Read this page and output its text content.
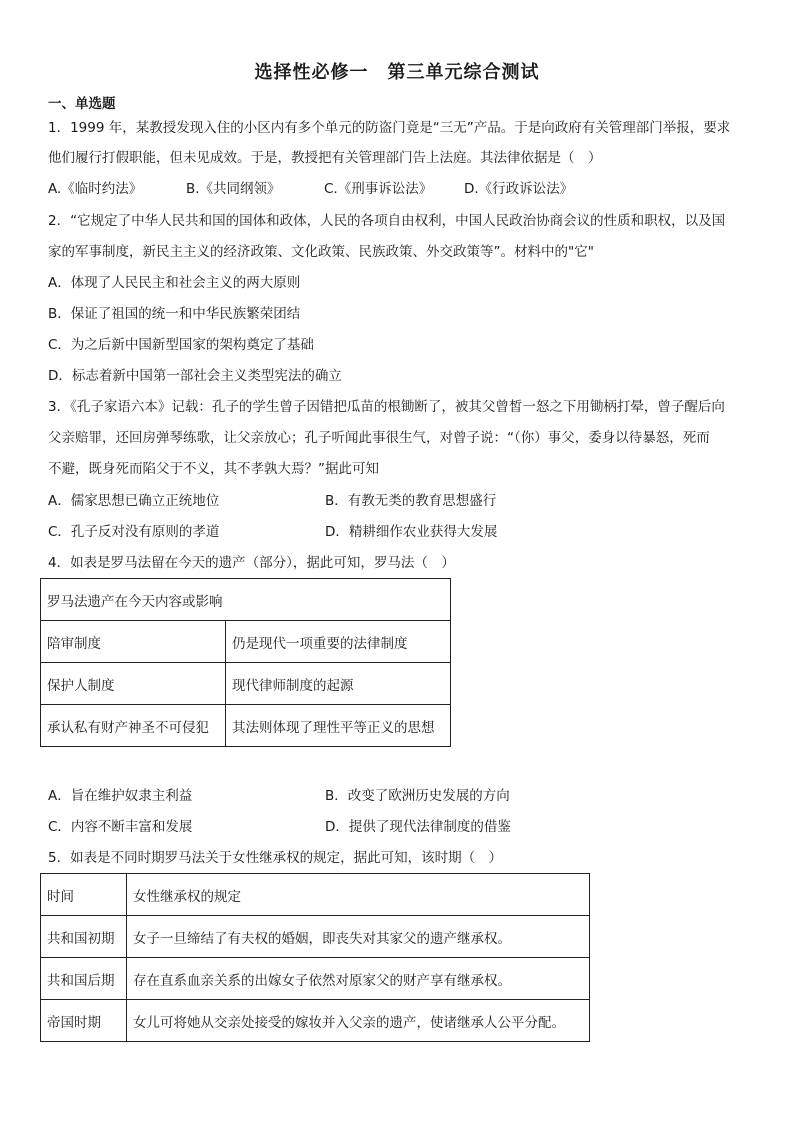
选择性必修一　第三单元综合测试
一、单选题
1．1999 年，某教授发现入住的小区内有多个单元的防盗门竟是“三无”产品。于是向政府有关管理部门举报，要求
他们履行打假职能，但未见成效。于是，教授把有关管理部门告上法庭。其法律依据是（　）
A.《临时约法》	B.《共同纲领》	C.《刑事诉讼法》 D.《行政诉讼法》
2．“它规定了中华人民共和国的国体和政体，人民的各项自由权利，中国人民政治协商会议的性质和职权，以及国
家的军事制度，新民主主义的经济政策、文化政策、民族政策、外交政策等”。材料中的"它"
A．体现了人民民主和社会主义的两大原则
B．保证了祖国的统一和中华民族繁荣团结
C．为之后新中国新型国家的架构奠定了基础
D．标志着新中国第一部社会主义类型宪法的确立
3．《孔子家语六本》记载：孔子的学生曾子因错把瓜苗的根锄断了，被其父曾皙一怒之下用锄柄打晕，曾子醒后向
父亲赔罪，还回房弹琴练歌，让父亲放心；孔子听闻此事很生气，对曾子说：“（你）事父，委身以待暴怒，死而
不避，既身死而陷父于不义，其不孝孰大焉？”据此可知
A．儒家思想已确立正统地位	B．有教无类的教育思想盛行
C．孔子反对没有原则的孝道	D．精耕细作农业获得大发展
4．如表是罗马法留在今天的遗产（部分），据此可知，罗马法（　）
罗马法遗产在今天内容或影响	
陪审制度	仍是现代一项重要的法律制度
保护人制度	现代律师制度的起源
承认私有财产神圣不可侵犯	其法则体现了理性平等正义的思想
A．旨在维护奴隶主利益	B．改变了欧洲历史发展的方向
C．内容不断丰富和发展	D．提供了现代法律制度的借鉴
5．如表是不同时期罗马法关于女性继承权的规定，据此可知，该时期（　）
时间	女性继承权的规定
共和国初期	女子一旦缔结了有夫权的婚姻，即丧失对其家父的遗产继承权。
共和国后期	存在直系血亲关系的出嫁女子依然对原家父的财产享有继承权。
帝国时期	女儿可将她从交亲处接受的嫁妆并入父亲的遗产，使诸继承人公平分配。
